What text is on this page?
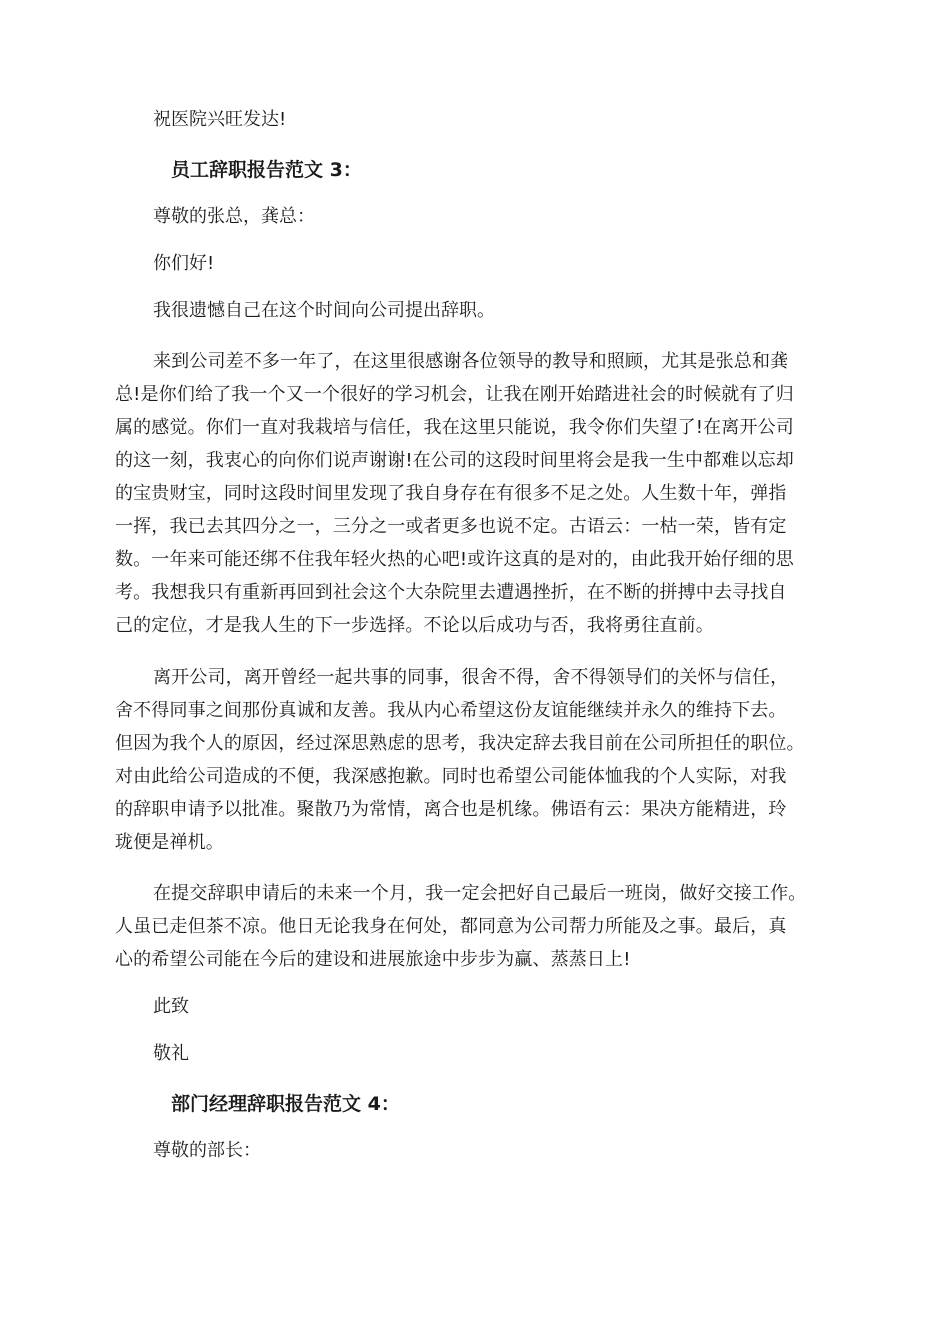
祝医院兴旺发达!

员工辞职报告范文 3：

尊敬的张总，龚总：

你们好!

我很遗憾自己在这个时间向公司提出辞职。

来到公司差不多一年了，在这里很感谢各位领导的教导和照顾，尤其是张总和龚

总!是你们给了我一个又一个很好的学习机会，让我在刚开始踏进社会的时候就有了归

属的感觉。你们一直对我栽培与信任，我在这里只能说，我令你们失望了!在离开公司

的这一刻，我衷心的向你们说声谢谢!在公司的这段时间里将会是我一生中都难以忘却

的宝贵财宝，同时这段时间里发现了我自身存在有很多不足之处。人生数十年，弹指

一挥，我已去其四分之一，三分之一或者更多也说不定。古语云：一枯一荣，皆有定

数。一年来可能还绑不住我年轻火热的心吧!或许这真的是对的，由此我开始仔细的思

考。我想我只有重新再回到社会这个大杂院里去遭遇挫折，在不断的拼搏中去寻找自

己的定位，才是我人生的下一步选择。不论以后成功与否，我将勇往直前。

离开公司，离开曾经一起共事的同事，很舍不得，舍不得领导们的关怀与信任，

舍不得同事之间那份真诚和友善。我从内心希望这份友谊能继续并永久的维持下去。

但因为我个人的原因，经过深思熟虑的思考，我决定辞去我目前在公司所担任的职位。

对由此给公司造成的不便，我深感抱歉。同时也希望公司能体恤我的个人实际，对我

的辞职申请予以批准。聚散乃为常情，离合也是机缘。佛语有云：果决方能精进，玲

珑便是禅机。

在提交辞职申请后的未来一个月，我一定会把好自己最后一班岗，做好交接工作。

人虽已走但茶不凉。他日无论我身在何处，都同意为公司帮力所能及之事。最后，真

心的希望公司能在今后的建设和进展旅途中步步为赢、蒸蒸日上!

此致

敬礼

部门经理辞职报告范文 4：

尊敬的部长：
